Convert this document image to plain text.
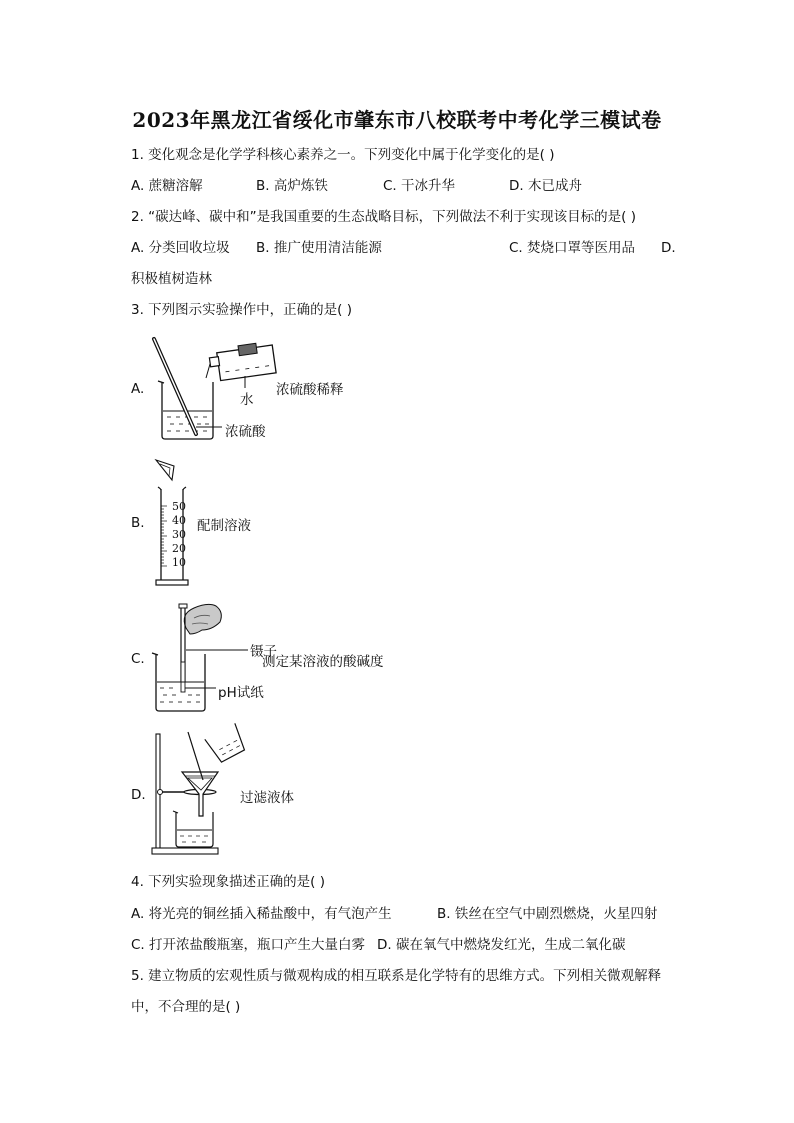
2023年黑龙江省绥化市肇东市八校联考中考化学三模试卷
1. 变化观念是化学学科核心素养之一。下列变化中属于化学变化的是( )
A. 蔗糖溶解	B. 高炉炼铁	C. 干冰升华	D. 木已成舟
2. “碳达峰、碳中和”是我国重要的生态战略目标，下列做法不利于实现该目标的是( )
A. 分类回收垃圾 B. 推广使用清洁能源	C. 焚烧口罩等医用品 D.
积极植树造林
3. 下列图示实验操作中，正确的是( )
A.
水
浓硫酸稀释
浓硫酸
B.
50
40
30
20
10
配制溶液
C.	镊子
测定某溶液的酸碱度
pH试纸
D.	过滤液体
4. 下列实验现象描述正确的是( )
A. 将光亮的铜丝插入稀盐酸中，有气泡产生	B. 铁丝在空气中剧烈燃烧，火星四射
C. 打开浓盐酸瓶塞，瓶口产生大量白雾 D. 碳在氧气中燃烧发红光，生成二氧化碳
5. 建立物质的宏观性质与微观构成的相互联系是化学特有的思维方式。下列相关微观解释
中，不合理的是( )
